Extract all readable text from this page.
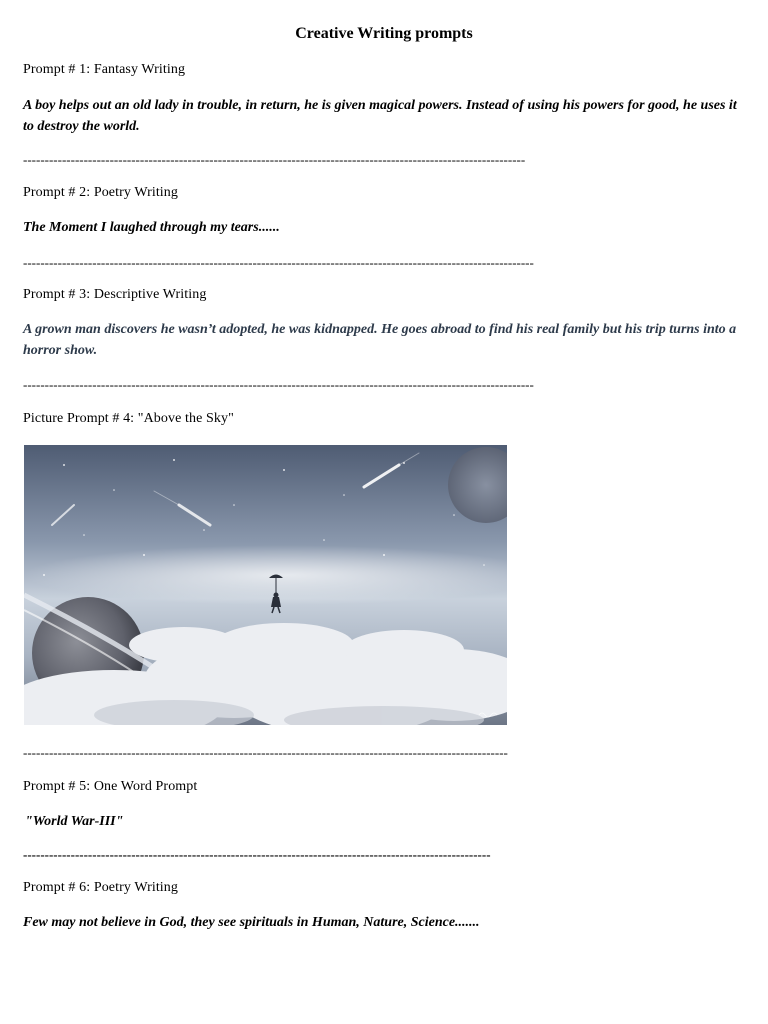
Creative Writing prompts
Prompt # 1: Fantasy Writing
A boy helps out an old lady in trouble, in return, he is given magical powers. Instead of using his powers for good, he uses it to destroy the world.
--------------------------------------------------------------------------------------------------------------------
Prompt # 2: Poetry Writing
The Moment I laughed through my tears......
----------------------------------------------------------------------------------------------------------------------
Prompt # 3: Descriptive Writing
A grown man discovers he wasn’t adopted, he was kidnapped. He goes abroad to find his real family but his trip turns into a horror show.
----------------------------------------------------------------------------------------------------------------------
Picture Prompt # 4: "Above the Sky"
----------------------------------------------------------------------------------------------------------------
Prompt # 5: One Word Prompt
"World War-III"
------------------------------------------------------------------------------------------------------------
Prompt # 6: Poetry Writing
Few may not believe in God, they see spirituals in Human, Nature, Science.......
